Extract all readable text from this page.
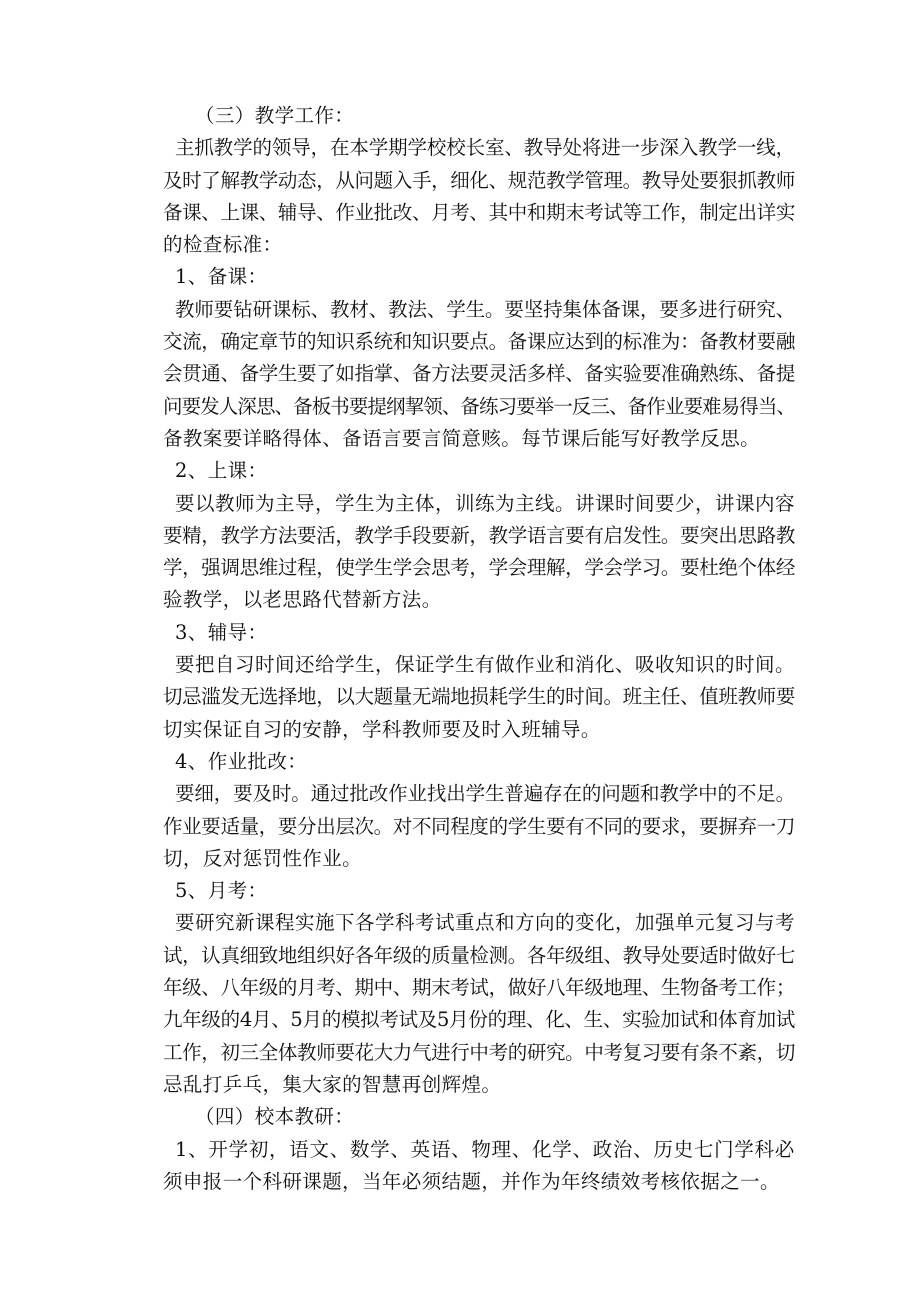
（三）教学工作：
主抓教学的领导，在本学期学校校长室、教导处将进一步深入教学一线，
及时了解教学动态，从问题入手，细化、规范教学管理。教导处要狠抓教师
备课、上课、辅导、作业批改、月考、其中和期末考试等工作，制定出详实
的检查标准：
1、备课：
教师要钻研课标、教材、教法、学生。要坚持集体备课，要多进行研究、
交流，确定章节的知识系统和知识要点。备课应达到的标准为：备教材要融
会贯通、备学生要了如指掌、备方法要灵活多样、备实验要准确熟练、备提
问要发人深思、备板书要提纲挈领、备练习要举一反三、备作业要难易得当、
备教案要详略得体、备语言要言简意赅。每节课后能写好教学反思。
2、上课：
要以教师为主导，学生为主体，训练为主线。讲课时间要少，讲课内容
要精，教学方法要活，教学手段要新，教学语言要有启发性。要突出思路教
学，强调思维过程，使学生学会思考，学会理解，学会学习。要杜绝个体经
验教学，以老思路代替新方法。
3、辅导：
要把自习时间还给学生，保证学生有做作业和消化、吸收知识的时间。
切忌滥发无选择地，以大题量无端地损耗学生的时间。班主任、值班教师要
切实保证自习的安静，学科教师要及时入班辅导。
4、作业批改：
要细，要及时。通过批改作业找出学生普遍存在的问题和教学中的不足。
作业要适量，要分出层次。对不同程度的学生要有不同的要求，要摒弃一刀
切，反对惩罚性作业。
5、月考：
要研究新课程实施下各学科考试重点和方向的变化，加强单元复习与考
试，认真细致地组织好各年级的质量检测。各年级组、教导处要适时做好七
年级、八年级的月考、期中、期末考试，做好八年级地理、生物备考工作；
九年级的4月、5月的模拟考试及5月份的理、化、生、实验加试和体育加试
工作，初三全体教师要花大力气进行中考的研究。中考复习要有条不紊，切
忌乱打乒乓，集大家的智慧再创辉煌。
（四）校本教研：
1、开学初，语文、数学、英语、物理、化学、政治、历史七门学科必
须申报一个科研课题，当年必须结题，并作为年终绩效考核依据之一。
